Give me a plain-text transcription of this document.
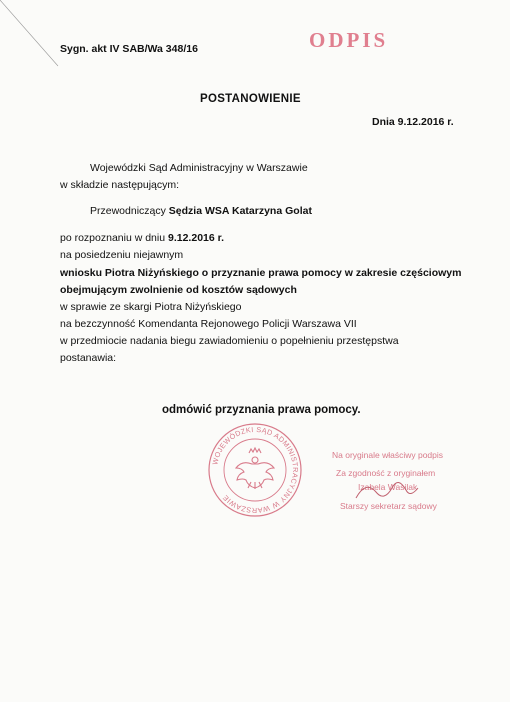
ODPIS
Sygn. akt IV SAB/Wa 348/16
POSTANOWIENIE
Dnia 9.12.2016 r.
Wojewódzki Sąd Administracyjny w Warszawie
w składzie następującym:
Przewodniczący Sędzia WSA Katarzyna Golat
po rozpoznaniu w dniu 9.12.2016 r.
na posiedzeniu niejawnym
wniosku Piotra Niżyńskiego o przyznanie prawa pomocy w zakresie częściowym
obejmującym zwolnienie od kosztów sądowych
w sprawie ze skargi Piotra Niżyńskiego
na bezczynność Komendanta Rejonowego Policji Warszawa VII
w przedmiocie nadania biegu zawiadomieniu o popełnieniu przestępstwa
postanawia:
odmówić przyznania prawa pomocy.
WOJEWÓDZKI SĄD ADMINISTRACYJNY W WARSZAWIE
Na oryginale właściwy podpis
Za zgodność z oryginałem
Izabela Wasilak
Starszy sekretarz sądowy
